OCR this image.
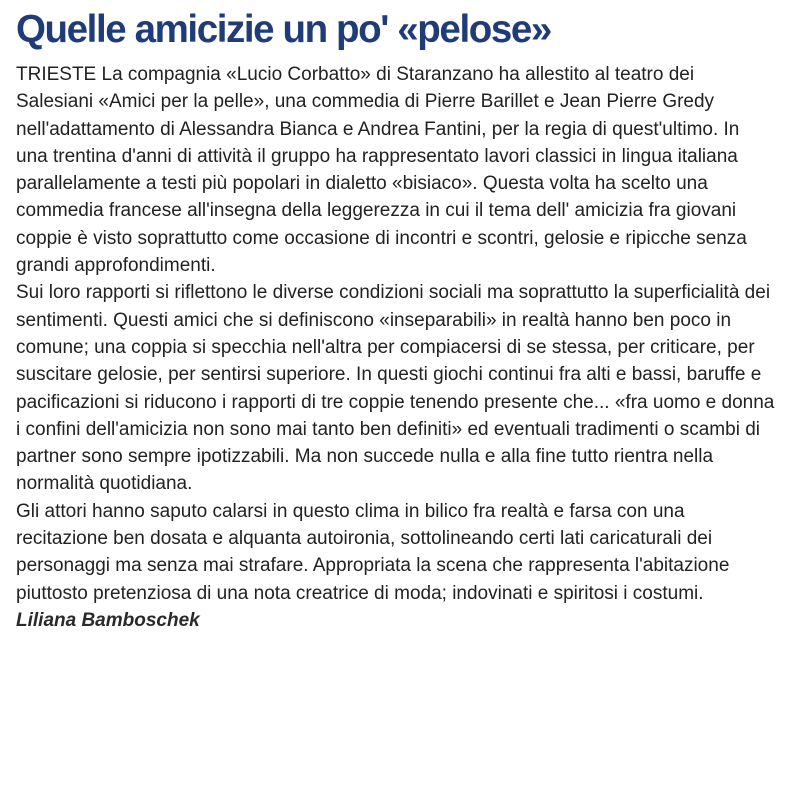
Quelle amicizie un po' «pelose»

TRIESTE La compagnia «Lucio Corbatto» di Staranzano ha allestito al teatro dei Salesiani «Amici per la pelle», una commedia di Pierre Barillet e Jean Pierre Gredy nell'adattamento di Alessandra Bianca e Andrea Fantini, per la regia di quest'ultimo. In una trentina d'anni di attività il gruppo ha rappresentato lavori classici in lingua italiana parallelamente a testi più popolari in dialetto «bisiaco». Questa volta ha scelto una commedia francese all'insegna della leggerezza in cui il tema dell' amicizia fra giovani coppie è visto soprattutto come occasione di incontri e scontri, gelosie e ripicche senza grandi approfondimenti.

Sui loro rapporti si riflettono le diverse condizioni sociali ma soprattutto la superficialità dei sentimenti. Questi amici che si definiscono «inseparabili» in realtà hanno ben poco in comune; una coppia si specchia nell'altra per compiacersi di se stessa, per criticare, per suscitare gelosie, per sentirsi superiore. In questi giochi continui fra alti e bassi, baruffe e pacificazioni si riducono i rapporti di tre coppie tenendo presente che... «fra uomo e donna i confini dell'amicizia non sono mai tanto ben definiti» ed eventuali tradimenti o scambi di partner sono sempre ipotizzabili. Ma non succede nulla e alla fine tutto rientra nella normalità quotidiana.

Gli attori hanno saputo calarsi in questo clima in bilico fra realtà e farsa con una recitazione ben dosata e alquanta autoironia, sottolineando certi lati caricaturali dei personaggi ma senza mai strafare. Appropriata la scena che rappresenta l'abitazione piuttosto pretenziosa di una nota creatrice di moda; indovinati e spiritosi i costumi.

Liliana Bamboschek
